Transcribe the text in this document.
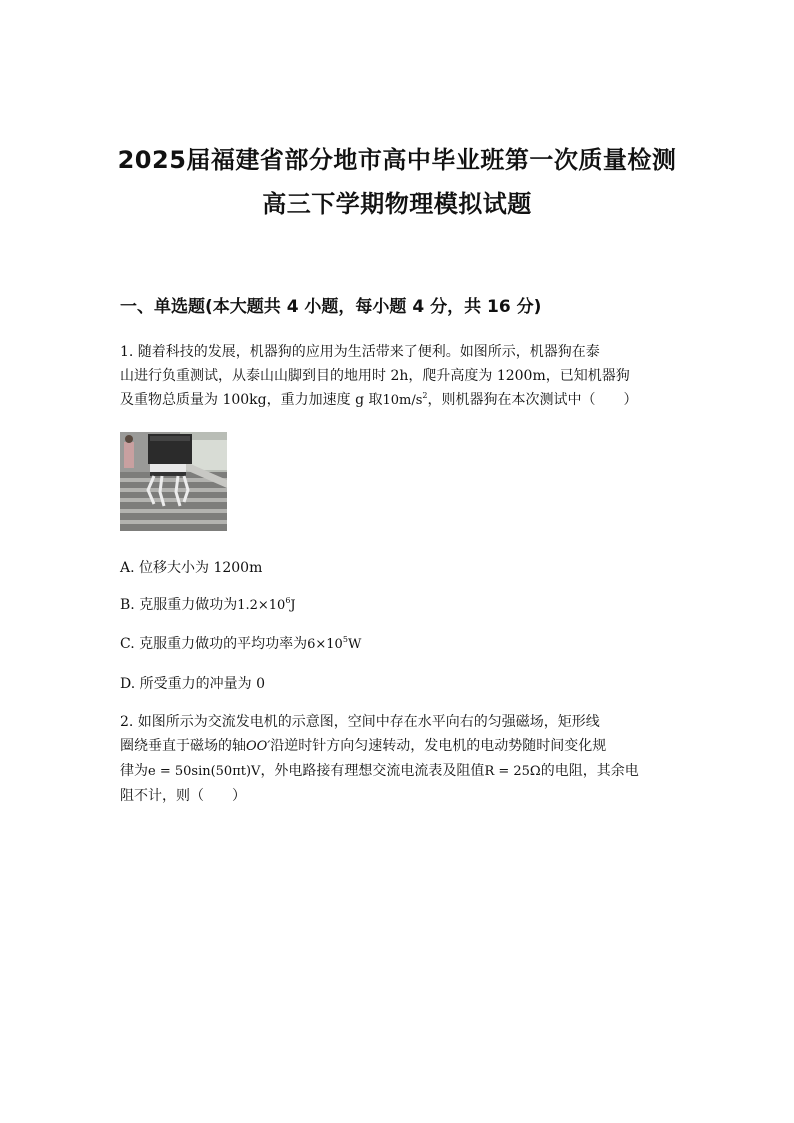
2025届福建省部分地市高中毕业班第一次质量检测
高三下学期物理模拟试题
一、单选题(本大题共 4 小题，每小题 4 分，共 16 分)
1. 随着科技的发展，机器狗的应用为生活带来了便利。如图所示，机器狗在泰
山进行负重测试，从泰山山脚到目的地用时 2h，爬升高度为 1200m，已知机器狗
及重物总质量为 100kg，重力加速度 g 取$10m/s^2$，则机器狗在本次测试中（　　）
A. 位移大小为 1200m
B. 克服重力做功为$1.2\times 10^6J$
C. 克服重力做功的平均功率为$6\times 10^5W$
D. 所受重力的冲量为 0
2. 如图所示为交流发电机的示意图，空间中存在水平向右的匀强磁场，矩形线
圈绕垂直于磁场的轴OO′沿逆时针方向匀速转动，发电机的电动势随时间变化规
律为e = 50sin(50πt)V，外电路接有理想交流电流表及阻值R = 25Ω的电阻，其余电
阻不计，则（　　）
